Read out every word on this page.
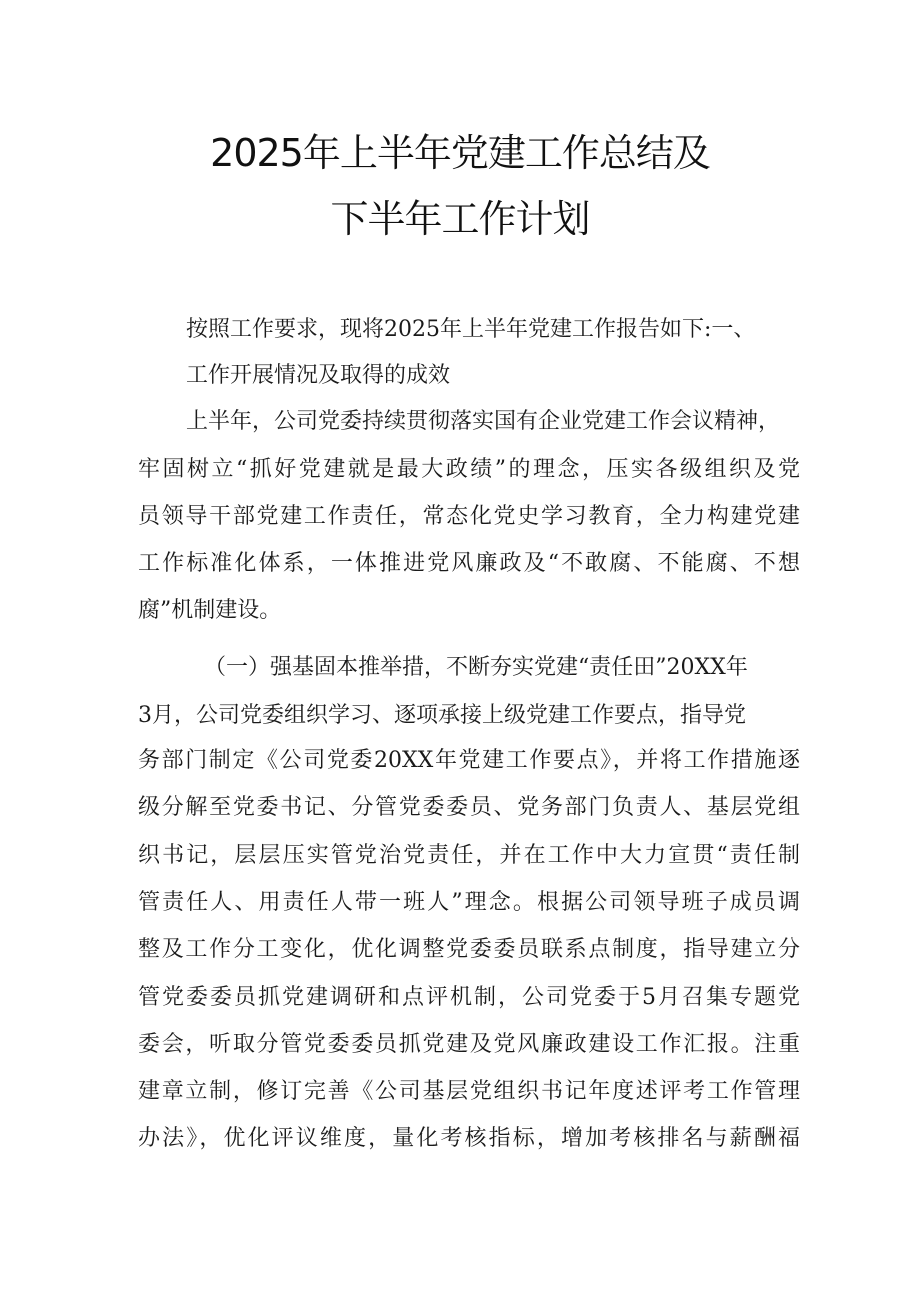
2025年上半年党建工作总结及
下半年工作计划
按照工作要求，现将2025年上半年党建工作报告如下:一、
工作开展情况及取得的成效
上半年，公司党委持续贯彻落实国有企业党建工作会议精神，
牢固树立“抓好党建就是最大政绩”的理念，压实各级组织及党
员领导干部党建工作责任，常态化党史学习教育，全力构建党建
工作标准化体系，一体推进党风廉政及“不敢腐、不能腐、不想
腐”机制建设。
（一）强基固本推举措，不断夯实党建“责任田”20XX年
3月，公司党委组织学习、逐项承接上级党建工作要点，指导党
务部门制定《公司党委20XX年党建工作要点》，并将工作措施逐
级分解至党委书记、分管党委委员、党务部门负责人、基层党组
织书记，层层压实管党治党责任，并在工作中大力宣贯“责任制
管责任人、用责任人带一班人”理念。根据公司领导班子成员调
整及工作分工变化，优化调整党委委员联系点制度，指导建立分
管党委委员抓党建调研和点评机制，公司党委于5月召集专题党
委会，听取分管党委委员抓党建及党风廉政建设工作汇报。注重
建章立制，修订完善《公司基层党组织书记年度述评考工作管理
办法》，优化评议维度，量化考核指标，增加考核排名与薪酬福
